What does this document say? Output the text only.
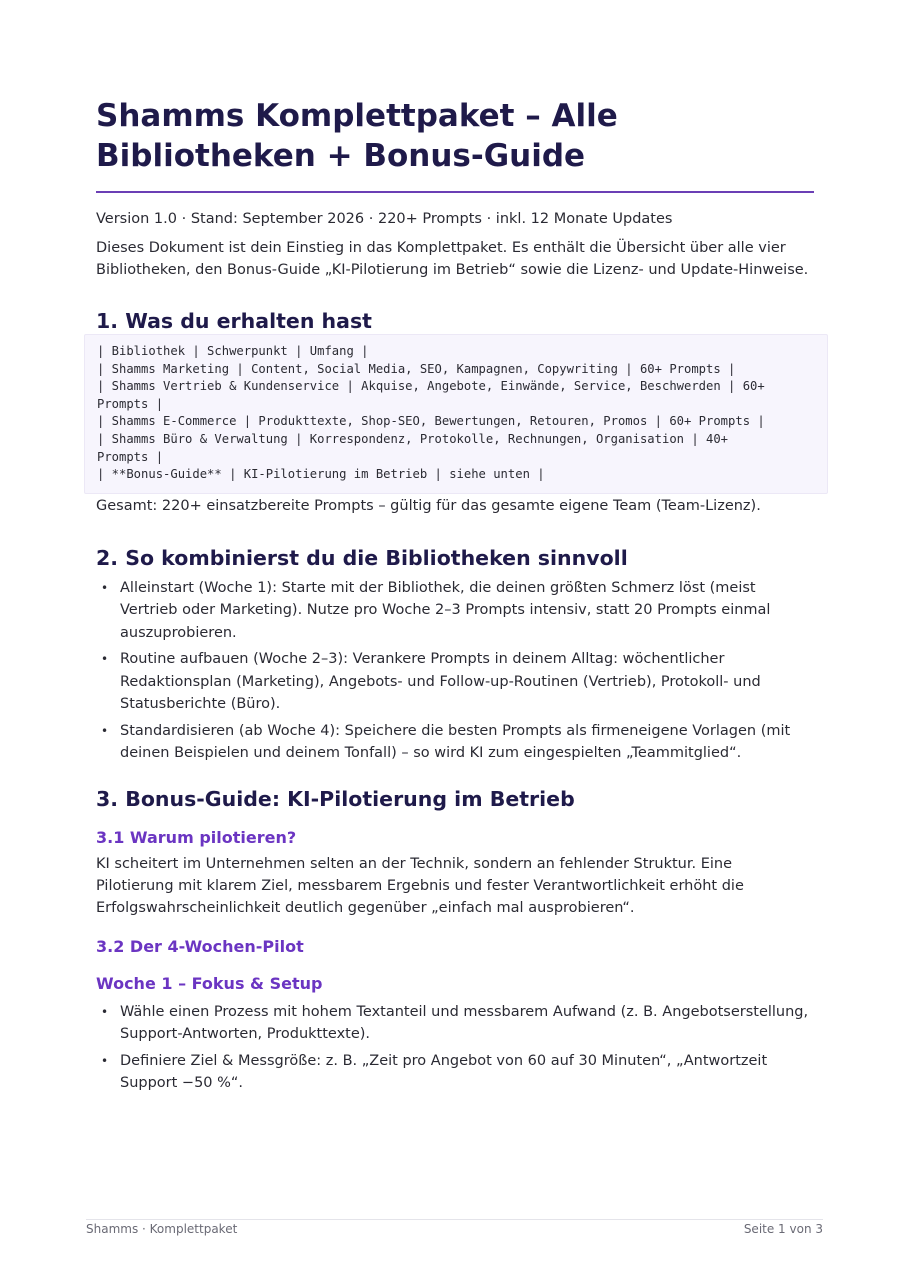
Shamms Komplettpaket – Alle Bibliotheken + Bonus-Guide

Version 1.0 · Stand: September 2026 · 220+ Prompts · inkl. 12 Monate Updates

Dieses Dokument ist dein Einstieg in das Komplettpaket. Es enthält die Übersicht über alle vier Bibliotheken, den Bonus-Guide „KI-Pilotierung im Betrieb“ sowie die Lizenz- und Update-Hinweise.

1. Was du erhalten hast
| Bibliothek | Schwerpunkt | Umfang |
| Shamms Marketing | Content, Social Media, SEO, Kampagnen, Copywriting | 60+ Prompts |
| Shamms Vertrieb & Kundenservice | Akquise, Angebote, Einwände, Service, Beschwerden | 60+
Prompts |
| Shamms E-Commerce | Produkttexte, Shop-SEO, Bewertungen, Retouren, Promos | 60+ Prompts |
| Shamms Büro & Verwaltung | Korrespondenz, Protokolle, Rechnungen, Organisation | 40+
Prompts |
| **Bonus-Guide** | KI-Pilotierung im Betrieb | siehe unten |

Gesamt: 220+ einsatzbereite Prompts – gültig für das gesamte eigene Team (Team-Lizenz).

2. So kombinierst du die Bibliotheken sinnvoll
• Alleinstart (Woche 1): Starte mit der Bibliothek, die deinen größten Schmerz löst (meist Vertrieb oder Marketing). Nutze pro Woche 2–3 Prompts intensiv, statt 20 Prompts einmal auszuprobieren.
• Routine aufbauen (Woche 2–3): Verankere Prompts in deinem Alltag: wöchentlicher Redaktionsplan (Marketing), Angebots- und Follow-up-Routinen (Vertrieb), Protokoll- und Statusberichte (Büro).
• Standardisieren (ab Woche 4): Speichere die besten Prompts als firmeneigene Vorlagen (mit deinen Beispielen und deinem Tonfall) – so wird KI zum eingespielten „Teammitglied“.
3. Bonus-Guide: KI-Pilotierung im Betrieb
3.1 Warum pilotieren?

KI scheitert im Unternehmen selten an der Technik, sondern an fehlender Struktur. Eine Pilotierung mit klarem Ziel, messbarem Ergebnis und fester Verantwortlichkeit erhöht die Erfolgswahrscheinlichkeit deutlich gegenüber „einfach mal ausprobieren“.

3.2 Der 4-Wochen-Pilot
Woche 1 – Fokus & Setup
• Wähle einen Prozess mit hohem Textanteil und messbarem Aufwand (z. B. Angebotserstellung, Support-Antworten, Produkttexte).
• Definiere Ziel & Messgröße: z. B. „Zeit pro Angebot von 60 auf 30 Minuten“, „Antwortzeit Support −50 %“.
Shamms · Komplettpaket	Seite 1 von 3
